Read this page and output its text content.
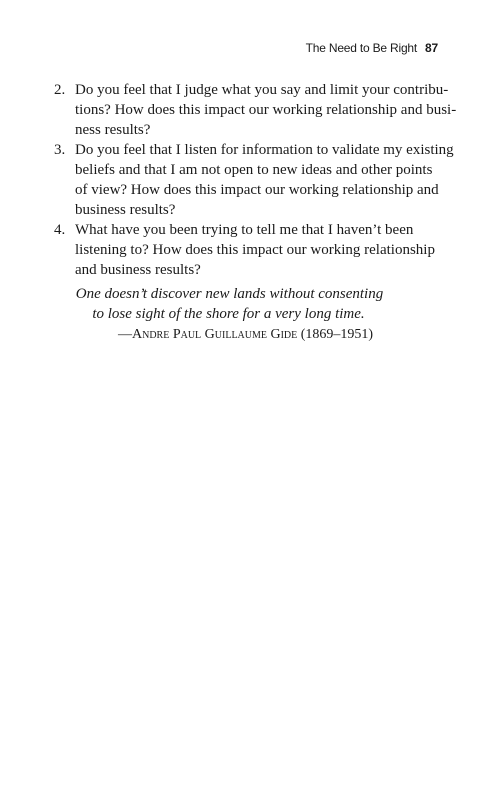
The Need to Be Right 87
2. Do you feel that I judge what you say and limit your contribu-
tions? How does this impact our working relationship and busi-
ness results?
3. Do you feel that I listen for information to validate my existing
beliefs and that I am not open to new ideas and other points
of view? How does this impact our working relationship and
business results?
4. What have you been trying to tell me that I haven’t been
listening to? How does this impact our working relationship
and business results?
One doesn’t discover new lands without consenting
to lose sight of the shore for a very long time.
—Andre Paul Guillaume Gide (1869–1951)
